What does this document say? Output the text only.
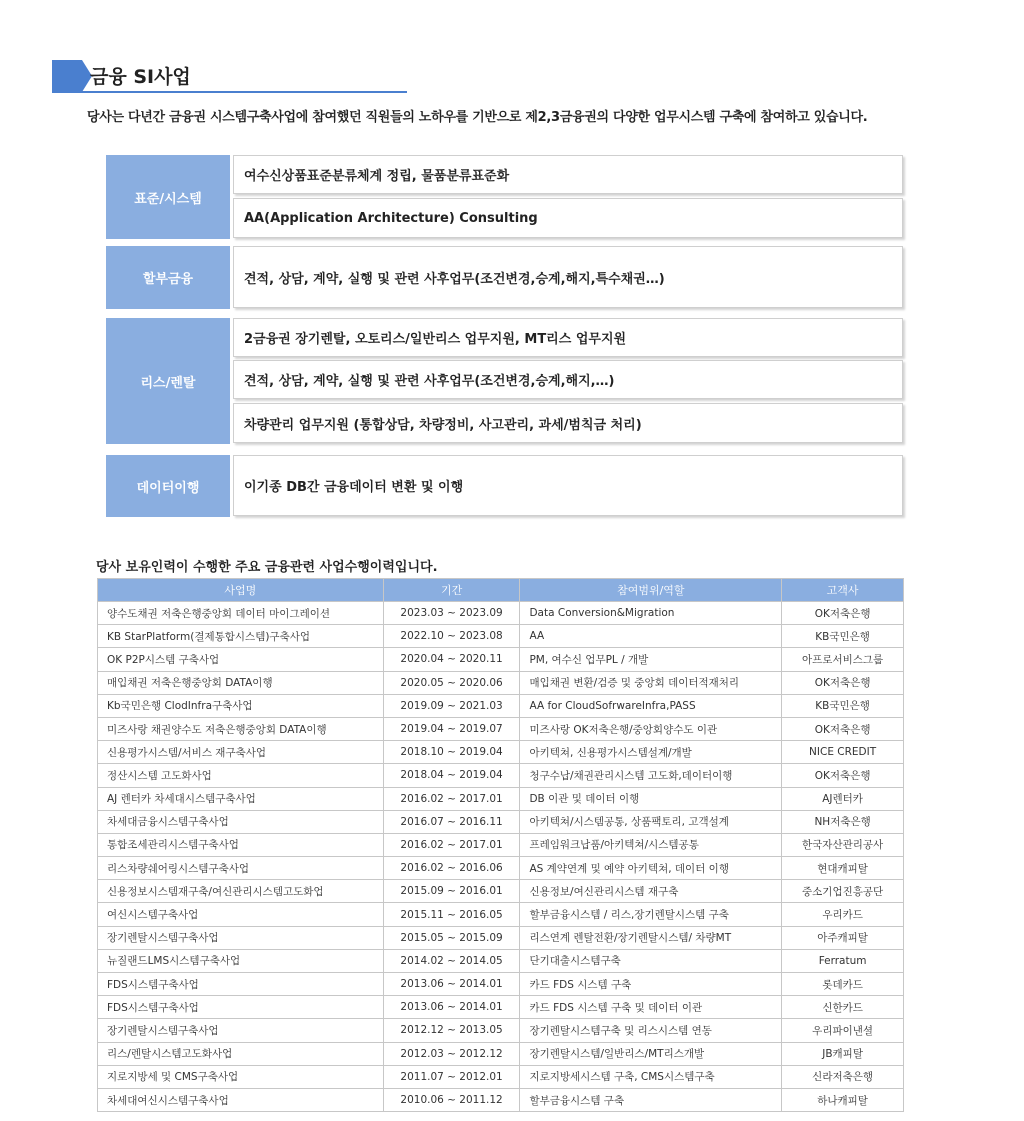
금융 SI사업
당사는 다년간 금융권 시스템구축사업에 참여했던 직원들의 노하우를 기반으로 제2,3금융권의 다양한 업무시스템 구축에 참여하고 있습니다.
표준/시스템
여수신상품표준분류체계 정립, 물품분류표준화
AA(Application Architecture) Consulting
할부금융	견적, 상담, 계약, 실행 및 관련 사후업무(조건변경,승계,해지,특수채권…)
리스/렌탈
2금융권 장기렌탈, 오토리스/일반리스 업무지원, MT리스 업무지원
견적, 상담, 계약, 실행 및 관련 사후업무(조건변경,승계,해지,…)
차량관리 업무지원 (통합상담, 차량정비, 사고관리, 과세/범칙금 처리)
데이터이행	이기종 DB간 금융데이터 변환 및 이행
당사 보유인력이 수행한 주요 금융관련 사업수행이력입니다.
사업명	기간	참여범위/역할	고객사
양수도채권 저축은행중앙회 데이터 마이그레이션	2023.03 ~ 2023.09	Data Conversion&Migration	OK저축은행
KB StarPlatform(결제통합시스템)구축사업	2022.10 ~ 2023.08	AA	KB국민은행
OK P2P시스템 구축사업	2020.04 ~ 2020.11	PM, 여수신 업무PL / 개발	아프로서비스그룹
매입채권 저축은행중앙회 DATA이행	2020.05 ~ 2020.06	매입채권 변환/검증 및 중앙회 데이터적재처리	OK저축은행
Kb국민은행 ClodInfra구축사업	2019.09 ~ 2021.03	AA for CloudSofrwareInfra,PASS	KB국민은행
미즈사랑 채권양수도 저축은행중앙회 DATA이행	2019.04 ~ 2019.07	미즈사랑 OK저축은행/중앙회양수도 이관	OK저축은행
신용평가시스템/서비스 재구축사업	2018.10 ~ 2019.04	아키텍쳐, 신용평가시스템설계/개발	NICE CREDIT
정산시스템 고도화사업	2018.04 ~ 2019.04	청구수납/채권관리시스템 고도화,데이터이행	OK저축은행
AJ 렌터카 차세대시스템구축사업	2016.02 ~ 2017.01	DB 이관 및 데이터 이행	AJ렌터카
차세대금융시스템구축사업	2016.07 ~ 2016.11	아키텍쳐/시스템공통, 상품팩토리, 고객설계	NH저축은행
통합조세관리시스템구축사업	2016.02 ~ 2017.01	프레임워크납품/아키텍쳐/시스템공통	한국자산관리공사
리스차량쉐어링시스템구축사업	2016.02 ~ 2016.06	AS 계약연계 및 예약 아키텍쳐, 데이터 이행	현대캐피탈
신용정보시스템재구축/여신관리시스템고도화업	2015.09 ~ 2016.01	신용정보/여신관리시스템 재구축	중소기업진흥공단
여신시스템구축사업	2015.11 ~ 2016.05	할부금융시스템 / 리스,장기렌탈시스템 구축	우리카드
장기렌탈시스템구축사업	2015.05 ~ 2015.09	리스연계 렌탈전환/장기렌탈시스템/ 차량MT	아주캐피탈
뉴질랜드LMS시스템구축사업	2014.02 ~ 2014.05	단기대출시스템구축	Ferratum
FDS시스템구축사업	2013.06 ~ 2014.01	카드 FDS 시스템 구축	롯데카드
FDS시스템구축사업	2013.06 ~ 2014.01	카드 FDS 시스템 구축 및 데이터 이관	신한카드
장기렌탈시스템구축사업	2012.12 ~ 2013.05	장기렌탈시스템구축 및 리스시스템 연동	우리파이낸셜
리스/렌탈시스템고도화사업	2012.03 ~ 2012.12	장기렌탈시스템/일반리스/MT리스개발	JB캐피탈
지로지방세 및 CMS구축사업	2011.07 ~ 2012.01	지로지방세시스템 구축, CMS시스템구축	신라저축은행
차세대여신시스템구축사업	2010.06 ~ 2011.12	할부금융시스템 구축	하나캐피탈
